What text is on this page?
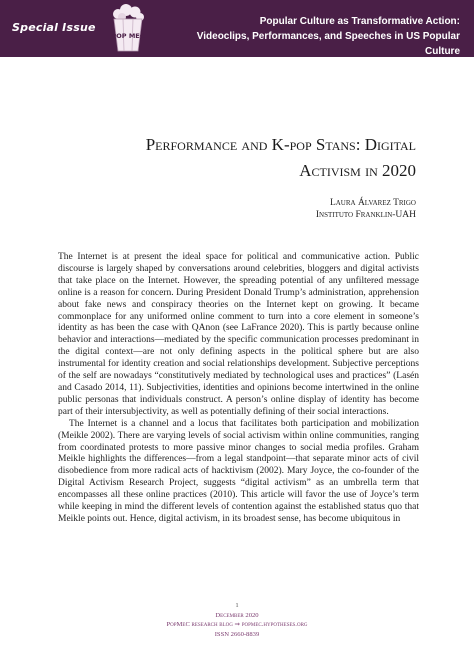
Special Issue
POP MEC
Popular Culture as Transformative Action:
Videoclips, Performances, and Speeches in US Popular Culture
Performance and K-pop Stans: Digital
Activism in 2020
Laura Álvarez Trigo
Instituto Franklin-UAH

The Internet is at present the ideal space for political and communicative action. Public discourse is largely shaped by conversations around celebrities, bloggers and digital activists that take place on the Internet. However, the spreading potential of any unfiltered message online is a reason for concern. During President Donald Trump’s administration, apprehension about fake news and conspiracy theories on the Internet kept on growing. It became commonplace for any uniformed online comment to turn into a core element in someone’s identity as has been the case with QAnon (see LaFrance 2020). This is partly because online behavior and interactions—mediated by the specific communication processes predominant in the digital context—are not only defining aspects in the political sphere but are also instrumental for identity creation and social relationships development. Subjective perceptions of the self are nowadays “constitutively mediated by technological uses and practices” (Lasén and Casado 2014, 11). Subjectivities, identities and opinions become intertwined in the online public personas that individuals construct. A person’s online display of identity has become part of their intersubjectivity, as well as potentially defining of their social interactions.

The Internet is a channel and a locus that facilitates both participation and mobilization (Meikle 2002). There are varying levels of social activism within online communities, ranging from coordinated protests to more passive minor changes to social media profiles. Graham Meikle highlights the differences—from a legal standpoint—that separate minor acts of civil disobedience from more radical acts of hacktivism (2002). Mary Joyce, the co-founder of the Digital Activism Research Project, suggests “digital activism” as an umbrella term that encompasses all these online practices (2010). This article will favor the use of Joyce’s term while keeping in mind the different levels of contention against the established status quo that Meikle points out. Hence, digital activism, in its broadest sense, has become ubiquitous in

1
December 2020
PopMeC research blog ⇒ popmec.hypotheses.org
ISSN 2660-8839
